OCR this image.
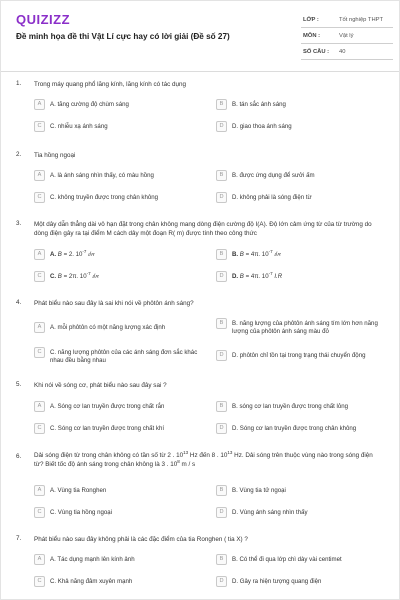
QUIZIZZ
Đề minh họa đề thi Vật Lí cực hay có lời giải (Đề số 27)
LỚP :	Tốt nghiệp THPT
MÔN :	Vật lý
SỐ CÂU : 40
1. Trong máy quang phổ lăng kính, lăng kính có tác dụng
A	A. tăng cường độ chùm sáng	B	B. tán sắc ánh sáng
C	C. nhiễu xạ ánh sáng	D	D. giao thoa ánh sáng
2. Tia hồng ngoại
A	A. là ánh sáng nhìn thấy, có màu hồng	B	B. được ứng dụng để sưởi ấm
C	C. không truyền được trong chân không	D	D. không phải là sóng điện từ
3. Một dây dẫn thẳng dài vô hạn đặt trong chân không mang dòng điện cường độ I(A). Độ lớn cảm ứng từ của từ trường do dòng điện gây ra tại điểm M cách dây một đoạn R( m) được tính theo công thức
A	A. B = 2. $10^{-7}$ I/R	B	B. B = 4π. $10^{-7}$ I/R
C	C. B = 2π. $10^{-7}$ I/R	D	D. B = 4π. $10^{-7}$ I.R
4. Phát biểu nào sau đây là sai khi nói về phôtôn ánh sáng?
A	A. mỗi phôtôn có một năng lượng xác định
B	B. năng lượng của phôtôn ánh sáng tím lớn hơn năng lượng của phôtôn ánh sáng màu đỏ
C	C. năng lượng phôtôn của các ánh sáng đơn sắc khác nhau đều bằng nhau
D	D. phôtôn chỉ tồn tại trong trạng thái chuyển động
5. Khi nói về sóng cơ, phát biểu nào sau đây sai ?
A	A. Sóng cơ lan truyền được trong chất rắn	B	B. sóng cơ lan truyền được trong chất lỏng
C	C. Sóng cơ lan truyền được trong chất khí	D	D. Sóng cơ lan truyền được trong chân không
6. Dải sóng điện từ trong chân không có tần số từ 2 . $10^{13}$ Hz đến 8 . $10^{13}$ Hz. Dải sóng trên thuộc vùng nào trong sóng điện từ? Biết tốc độ ánh sáng trong chân không là 3 . $10^8$ m / s
A	A. Vùng tia Ronghen	B	B. Vùng tia tử ngoại
C	C. Vùng tia hồng ngoại	D	D. Vùng ánh sáng nhìn thấy
7. Phát biểu nào sau đây không phải là các đặc điểm của tia Ronghen ( tia X) ?
A	A. Tác dụng mạnh lên kính ảnh	B	B. Có thể đi qua lớp chì dày vài centimet
C	C. Khả năng đâm xuyên mạnh	D	D. Gây ra hiện tượng quang điện
